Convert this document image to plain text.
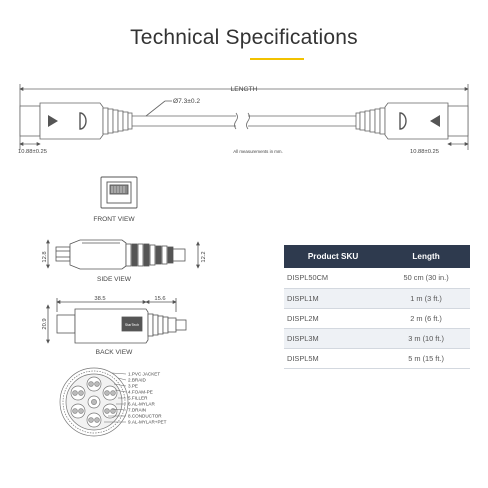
Technical Specifications
LENGTH
Ø7.3±0.2
10.88±0.25	10.88±0.25
All measurements in mm.
FRONT VIEW
12.8	12.2
SIDE VIEW
StarTech
38.5	15.6
20.9
BACK VIEW
1.PVC JACKET
2.BRAID
3.PE
4.FOAM-PE
5.FILLER
6.AL-MYLAR
7.DRAIN
8.CONDUCTOR
9.AL-MYLAR+PET
Product SKU	Length
DISPL50CM	50 cm (30 in.)
DISPL1M	1 m (3 ft.)
DISPL2M	2 m (6 ft.)
DISPL3M	3 m (10 ft.)
DISPL5M	5 m (15 ft.)
